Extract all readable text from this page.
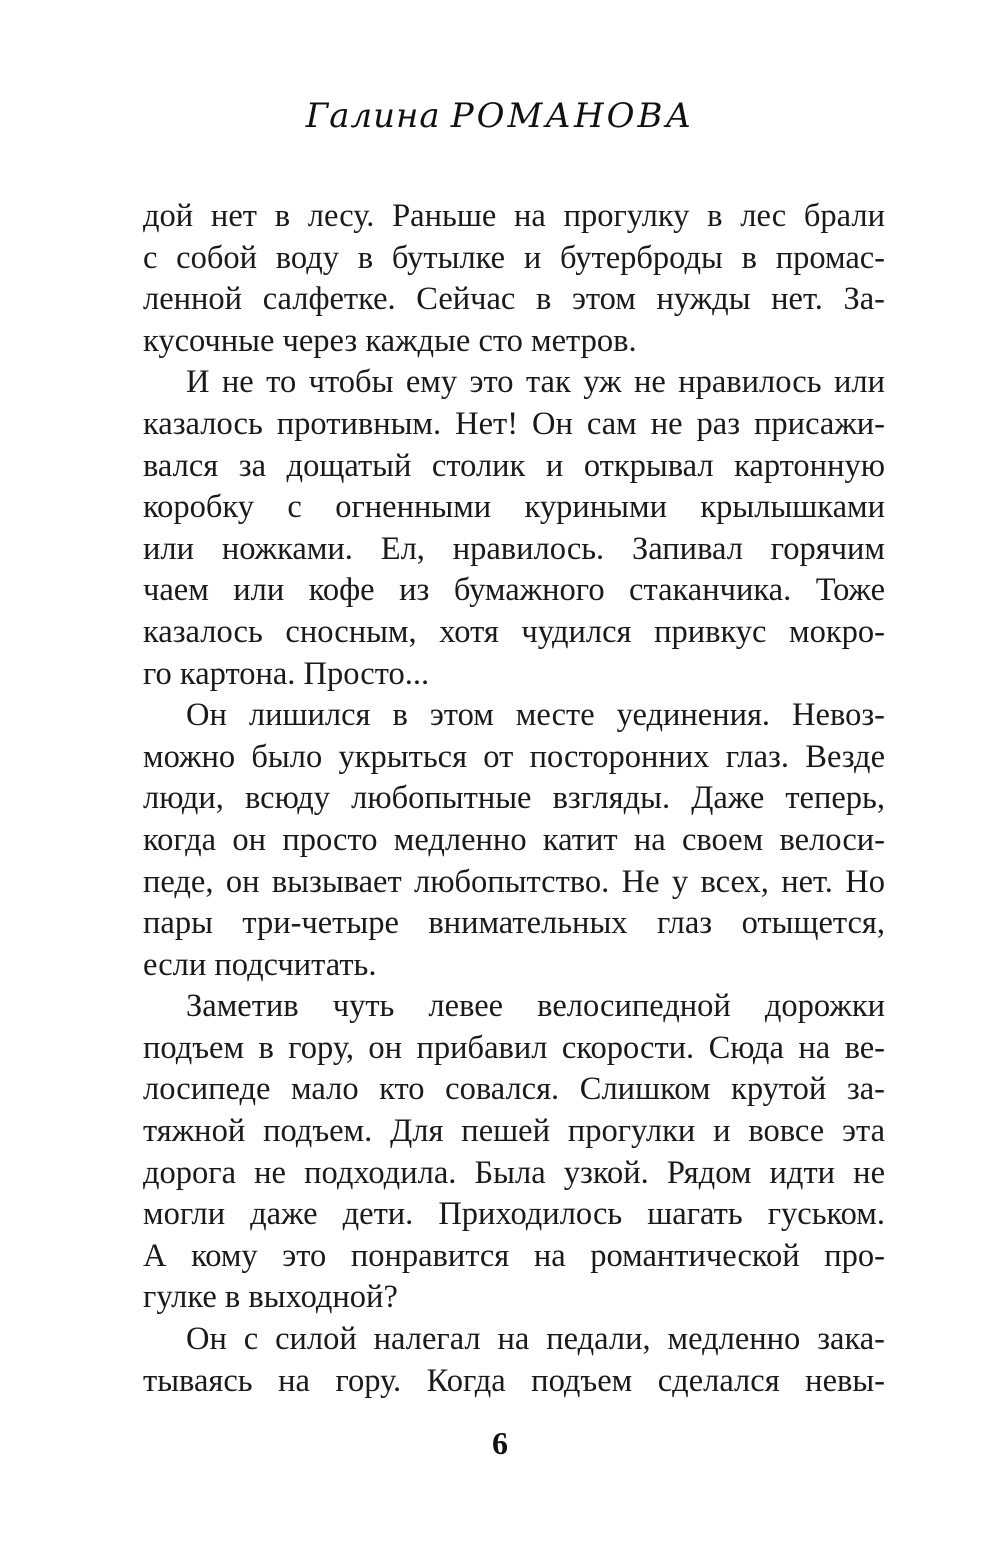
Галина РОМАНОВА
дой нет в лесу. Раньше на прогулку в лес брали
с собой воду в бутылке и бутерброды в промас-
ленной салфетке. Сейчас в этом нужды нет. За-
кусочные через каждые сто метров.
И не то чтобы ему это так уж не нравилось или
казалось противным. Нет! Он сам не раз присажи-
вался за дощатый столик и открывал картонную
коробку с огненными куриными крылышками
или ножками. Ел, нравилось. Запивал горячим
чаем или кофе из бумажного стаканчика. Тоже
казалось сносным, хотя чудился привкус мокро-
го картона. Просто...
Он лишился в этом месте уединения. Невоз-
можно было укрыться от посторонних глаз. Везде
люди, всюду любопытные взгляды. Даже теперь,
когда он просто медленно катит на своем велоси-
педе, он вызывает любопытство. Не у всех, нет. Но
пары три-четыре внимательных глаз отыщется,
если подсчитать.
Заметив чуть левее велосипедной дорожки
подъем в гору, он прибавил скорости. Сюда на ве-
лосипеде мало кто совался. Слишком крутой за-
тяжной подъем. Для пешей прогулки и вовсе эта
дорога не подходила. Была узкой. Рядом идти не
могли даже дети. Приходилось шагать гуськом.
А кому это понравится на романтической про-
гулке в выходной?
Он с силой налегал на педали, медленно зака-
тываясь на гору. Когда подъем сделался невы-
6
